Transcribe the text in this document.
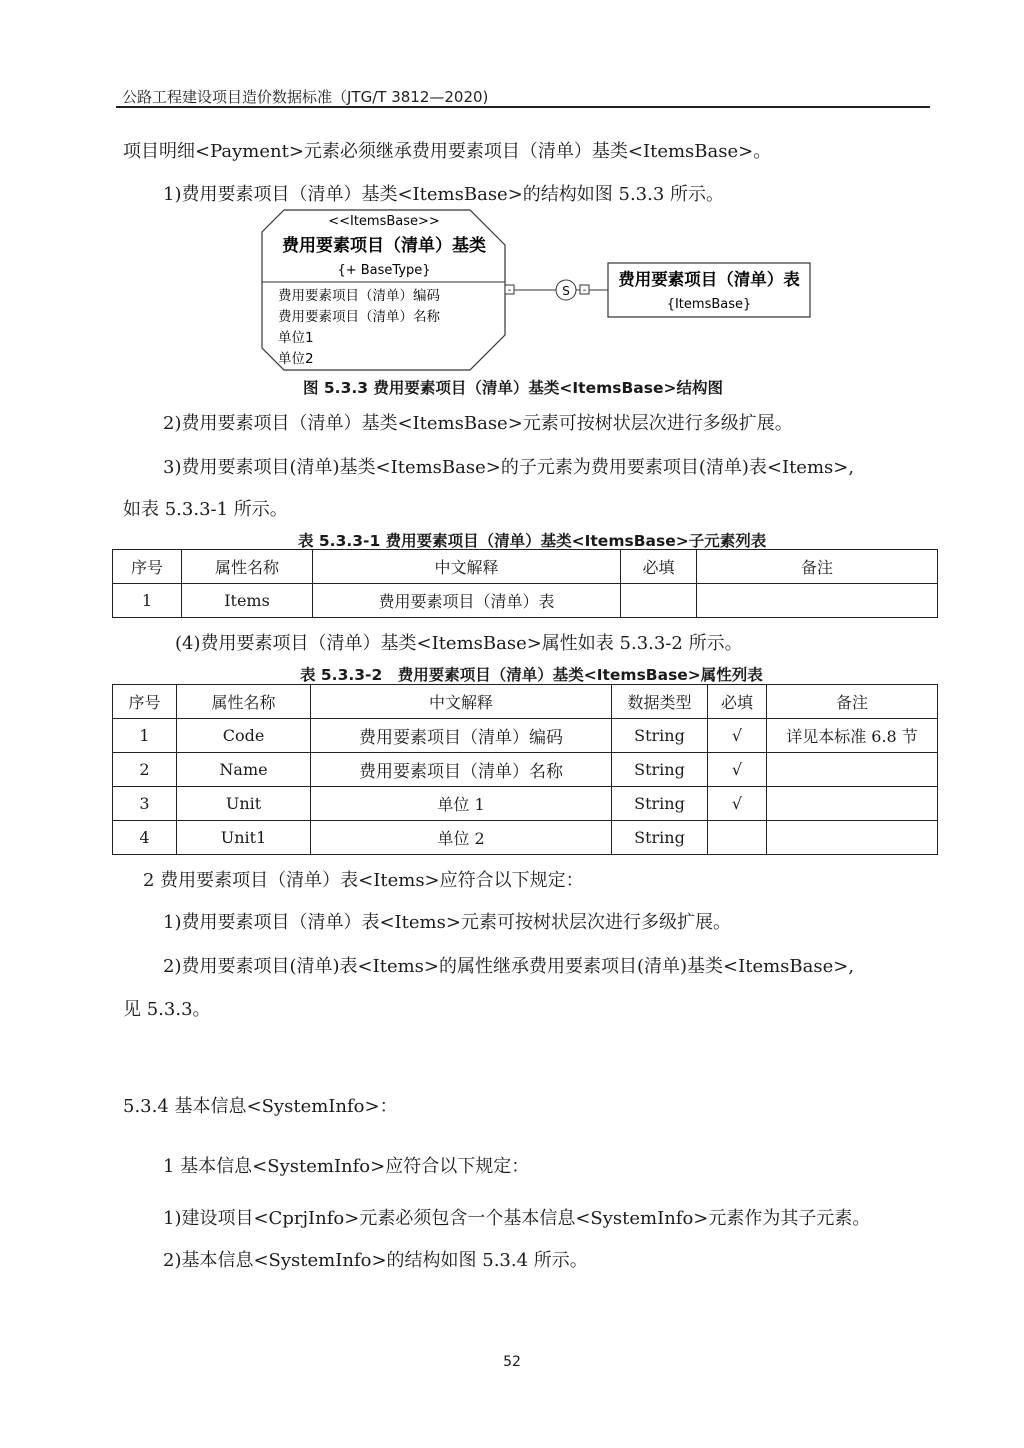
公路工程建设项目造价数据标准（JTG/T 3812—2020)
项目明细<Payment>元素必须继承费用要素项目（清单）基类<ItemsBase>。
1)费用要素项目（清单）基类<ItemsBase>的结构如图 5.3.3 所示。
<<ItemsBase>>
费用要素项目（清单）基类
{+ BaseType}
费用要素项目（清单）编码
费用要素项目（清单）名称
单位1
单位2
-	S -
费用要素项目（清单）表
{ItemsBase}
图 5.3.3 费用要素项目（清单）基类<ItemsBase>结构图
2)费用要素项目（清单）基类<ItemsBase>元素可按树状层次进行多级扩展。
3)费用要素项目(清单)基类<ItemsBase>的子元素为费用要素项目(清单)表<Items>,
如表 5.3.3-1 所示。
表 5.3.3-1 费用要素项目（清单）基类<ItemsBase>子元素列表
序号	属性名称	中文解释	必填	备注
1	Items	费用要素项目（清单）表		
(4)费用要素项目（清单）基类<ItemsBase>属性如表 5.3.3-2 所示。
表 5.3.3-2　费用要素项目（清单）基类<ItemsBase>属性列表
序号	属性名称	中文解释	数据类型	必填	备注
1	Code	费用要素项目（清单）编码	String	√	详见本标准 6.8 节
2	Name	费用要素项目（清单）名称	String	√	
3	Unit	单位 1	String	√	
4	Unit1	单位 2	String		
2 费用要素项目（清单）表<Items>应符合以下规定：
1)费用要素项目（清单）表<Items>元素可按树状层次进行多级扩展。
2)费用要素项目(清单)表<Items>的属性继承费用要素项目(清单)基类<ItemsBase>,
见 5.3.3。
5.3.4 基本信息<SystemInfo>：
1 基本信息<SystemInfo>应符合以下规定：
1)建设项目<CprjInfo>元素必须包含一个基本信息<SystemInfo>元素作为其子元素。
2)基本信息<SystemInfo>的结构如图 5.3.4 所示。
52
